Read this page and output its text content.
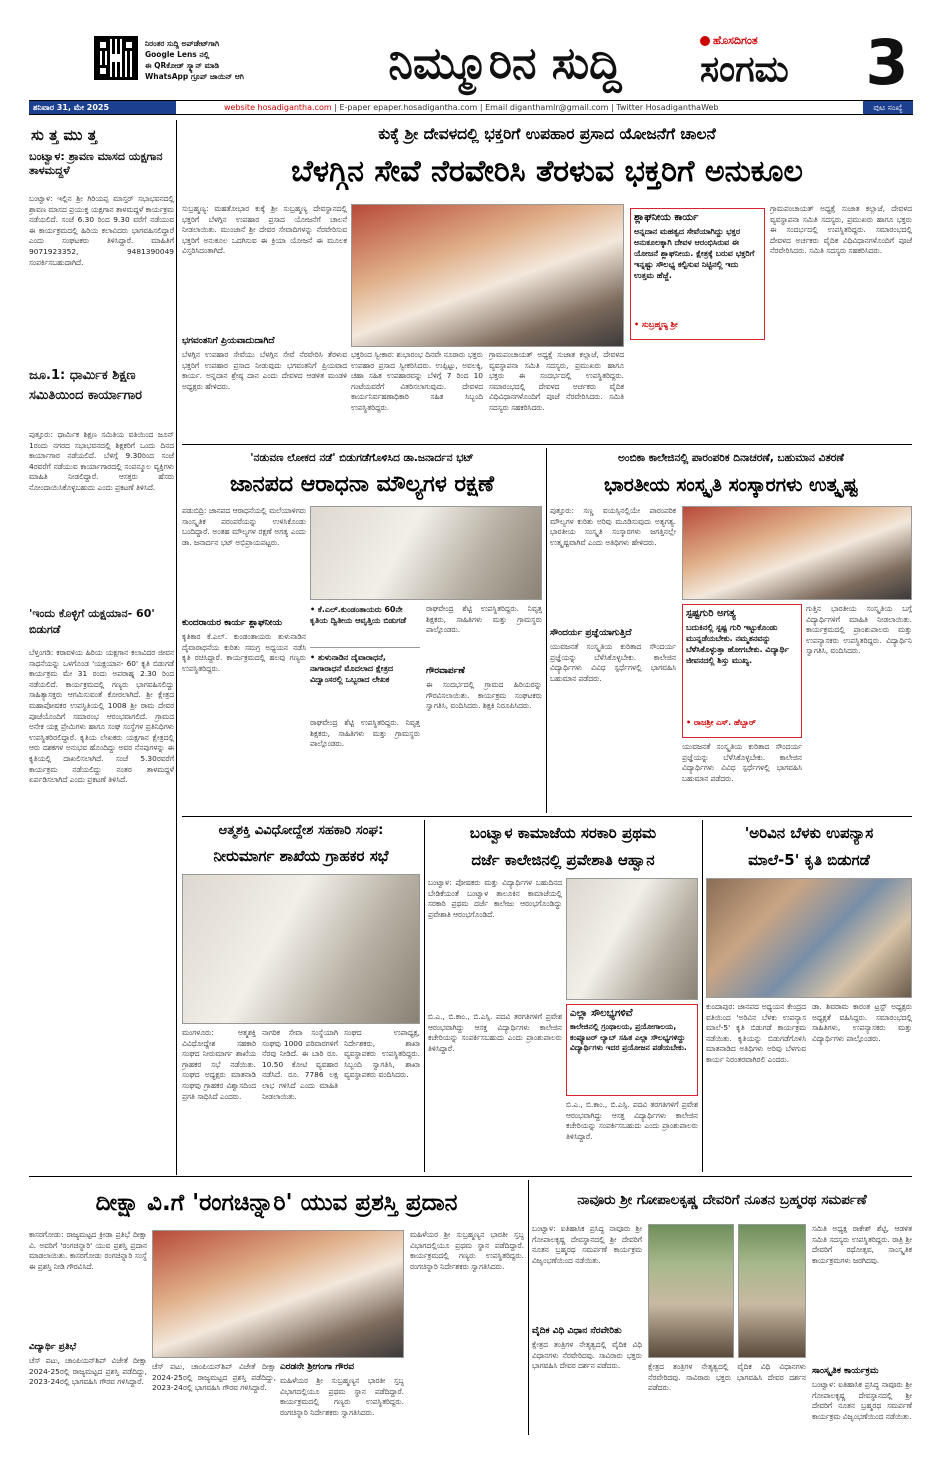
ನಿರಂತರ ಸುದ್ದಿ ಅಪ್‌ಡೇಟ್‌ಗಾಗಿ
Google Lens ನಲ್ಲಿ
ಈ QRಕೋಡ್ ಸ್ಕ್ಯಾನ್ ಮಾಡಿ
WhatsApp ಗ್ರೂಪ್ ಜಾಯಿನ್ ಆಗಿ	ನಿಮ್ಮೂರಿನ ಸುದ್ದಿ	ಹೊಸದಿಗಂತ
ಸಂಗಮ	3
ಶನಿವಾರ 31, ಮೇ 2025	website hosadigantha.com | E-paper epaper.hosadigantha.com | Email diganthamlr@gmail.com | Twitter HosadiganthaWeb	ಪುಟ ಸಂಖ್ಯೆ
ಸು ತ್ತ ಮು ತ್ತ
ಬಂಟ್ವಾಳ: ಶ್ರಾವಣ ಮಾಸದ ಯಕ್ಷಗಾನ ತಾಳಮದ್ದಳೆ
ಬಂಟ್ವಾಳ: ಇಲ್ಲಿನ ಶ್ರೀ ಗಿರಿಯಪ್ಪ ಮಾಸ್ತರ್ ಸಭಾಭವನದಲ್ಲಿ ಶ್ರಾವಣ ಮಾಸದ ಪ್ರಯುಕ್ತ ಯಕ್ಷಗಾನ ತಾಳಮದ್ದಳೆ ಕಾರ್ಯಕ್ರಮ ನಡೆಯಲಿದೆ. ಸಂಜೆ 6.30 ರಿಂದ 9.30 ವರೆಗೆ ನಡೆಯುವ ಈ ಕಾರ್ಯಕ್ರಮದಲ್ಲಿ ಹಿರಿಯ ಕಲಾವಿದರು ಭಾಗವಹಿಸಲಿದ್ದಾರೆ ಎಂದು ಸಂಘಟಕರು ತಿಳಿಸಿದ್ದಾರೆ. ಮಾಹಿತಿಗೆ 9071923352, 9481390049 ಸಂಪರ್ಕಿಸಬಹುದಾಗಿದೆ.
ಜೂ.1: ಧಾರ್ಮಿಕ ಶಿಕ್ಷಣ ಸಮಿತಿಯಿಂದ ಕಾರ್ಯಾಗಾರ
ಪುತ್ತೂರು: ಧಾರ್ಮಿಕ ಶಿಕ್ಷಣ ಸಮಿತಿಯ ವತಿಯಿಂದ ಜೂನ್ 1ರಂದು ನಗರದ ಸಭಾಭವನದಲ್ಲಿ ಶಿಕ್ಷಕರಿಗೆ ಒಂದು ದಿನದ ಕಾರ್ಯಾಗಾರ ನಡೆಯಲಿದೆ. ಬೆಳಿಗ್ಗೆ 9.30ರಿಂದ ಸಂಜೆ 4ರವರೆಗೆ ನಡೆಯುವ ಕಾರ್ಯಾಗಾರದಲ್ಲಿ ಸಂಪನ್ಮೂಲ ವ್ಯಕ್ತಿಗಳು ಮಾಹಿತಿ ನೀಡಲಿದ್ದಾರೆ. ಆಸಕ್ತರು ಹೆಸರು ನೋಂದಾಯಿಸಿಕೊಳ್ಳಬಹುದು ಎಂದು ಪ್ರಕಟಣೆ ತಿಳಿಸಿದೆ.
'ಇಂದು ಕೊಳ್ಳಿಗೆ ಯಕ್ಷಯಾನ- 60' ಬಿಡುಗಡೆ
ಬೆಳ್ತಂಗಡಿ: ಕರಾವಳಿಯ ಹಿರಿಯ ಯಕ್ಷಗಾನ ಕಲಾವಿದರ ಜೀವನ ಸಾಧನೆಯನ್ನು ಒಳಗೊಂಡ 'ಯಕ್ಷಯಾನ- 60' ಕೃತಿ ಬಿಡುಗಡೆ ಕಾರ್ಯಕ್ರಮ ಮೇ 31 ರಂದು ಅಪರಾಹ್ನ 2.30 ರಿಂದ ನಡೆಯಲಿದೆ. ಕಾರ್ಯಕ್ರಮದಲ್ಲಿ ಗಣ್ಯರು ಭಾಗವಹಿಸಲಿದ್ದು ಸಾಹಿತ್ಯಾಸಕ್ತರು ಆಗಮಿಸುವಂತೆ ಕೋರಲಾಗಿದೆ. ಶ್ರೀ ಕ್ಷೇತ್ರದ ಮಹಾಪೋಷಕರ ಉಪಸ್ಥಿತಿಯಲ್ಲಿ 1008 ಶ್ರೀ ರಾಮ ದೇವರ ಪೂಜೆಯೊಂದಿಗೆ ಸಮಾರಂಭ ಆರಂಭವಾಗಲಿದೆ. ಗ್ರಾಮದ ಅನೇಕ ಯಕ್ಷ ಪ್ರೇಮಿಗಳು ಹಾಗೂ ಸಂಘ ಸಂಸ್ಥೆಗಳ ಪ್ರತಿನಿಧಿಗಳು ಉಪಸ್ಥಿತರಿರಲಿದ್ದಾರೆ. ಕೃತಿಯ ಲೇಖಕರು ಯಕ್ಷಗಾನ ಕ್ಷೇತ್ರದಲ್ಲಿ ಆರು ದಶಕಗಳ ಅನುಭವ ಹೊಂದಿದ್ದು ಅವರ ನೆನಪುಗಳನ್ನು ಈ ಕೃತಿಯಲ್ಲಿ ದಾಖಲಿಸಲಾಗಿದೆ. ಸಂಜೆ 5.30ರವರೆಗೆ ಕಾರ್ಯಕ್ರಮ ನಡೆಯಲಿದ್ದು ನಂತರ ತಾಳಮದ್ದಳೆ ಏರ್ಪಡಿಸಲಾಗಿದೆ ಎಂದು ಪ್ರಕಟಣೆ ತಿಳಿಸಿದೆ.
ಕುಕ್ಕೆ ಶ್ರೀ ದೇವಳದಲ್ಲಿ ಭಕ್ತರಿಗೆ ಉಪಹಾರ ಪ್ರಸಾದ ಯೋಜನೆಗೆ ಚಾಲನೆ
ಬೆಳಗ್ಗಿನ ಸೇವೆ ನೆರವೇರಿಸಿ ತೆರಳುವ ಭಕ್ತರಿಗೆ ಅನುಕೂಲ
ಸುಬ್ರಹ್ಮಣ್ಯ: ಮಹತೋಭಾರ ಕುಕ್ಕೆ ಶ್ರೀ ಸುಬ್ರಹ್ಮಣ್ಯ ದೇವಸ್ಥಾನದಲ್ಲಿ ಭಕ್ತರಿಗೆ ಬೆಳಗ್ಗಿನ ಉಪಹಾರ ಪ್ರಸಾದ ಯೋಜನೆಗೆ ಚಾಲನೆ ನೀಡಲಾಯಿತು. ಮುಂಜಾನೆ ಶ್ರೀ ದೇವರ ಸೇವಾದಿಗಳನ್ನು ನೆರವೇರಿಸುವ ಭಕ್ತರಿಗೆ ಅನುಕೂಲ ಒದಗಿಸುವ ಈ ಕ್ರಿಯಾ ಯೋಜನೆ ಈ ಮೂಲಕ ವಿಸ್ತರಿಸಿದಂತಾಗಿದೆ.
ಭಗವಂತನಿಗೆ ಪ್ರಿಯವಾದುದಾಗಿದೆ
ಬೆಳಗ್ಗಿನ ಉಪಹಾರ ಸೇವೆಯು ಬೆಳಗ್ಗಿನ ಸೇವೆ ನೆರವೇರಿಸಿ ತೆರಳುವ ಭಕ್ತರಿಗೆ ಉಪಹಾರ ಪ್ರಸಾದ ನೀಡುವುದು ಭಗವಂತನಿಗೆ ಪ್ರಿಯವಾದ ಕಾರ್ಯ. ಅನ್ನದಾನ ಶ್ರೇಷ್ಠ ದಾನ ಎಂದು ದೇವಳದ ಆಡಳಿತ ಮಂಡಳಿ ಅಧ್ಯಕ್ಷರು ಹೇಳಿದರು.
ಭಕ್ತರಿಂದ ಸ್ವೀಕಾರ: ಶುಭಾರಂಭ ದಿನವೇ ನೂರಾರು ಭಕ್ತರು ಉಪಹಾರ ಪ್ರಸಾದ ಸ್ವೀಕರಿಸಿದರು. ಉಪ್ಪಿಟ್ಟು, ಅವಲಕ್ಕಿ, ಚಹಾ ಸಹಿತ ಉಪಹಾರವನ್ನು ಬೆಳಿಗ್ಗೆ 7 ರಿಂದ 10 ಗಂಟೆಯವರೆಗೆ ವಿತರಿಸಲಾಗುವುದು. ದೇವಳದ ಕಾರ್ಯನಿರ್ವಹಣಾಧಿಕಾರಿ ಸಹಿತ ಸಿಬ್ಬಂದಿ ಉಪಸ್ಥಿತರಿದ್ದರು.
ಗ್ರಾಮಪಂಚಾಯತ್ ಅಧ್ಯಕ್ಷೆ ಸುಜಾತ ಕಲ್ಲಾಜೆ, ದೇವಳದ ವ್ಯವಸ್ಥಾಪನಾ ಸಮಿತಿ ಸದಸ್ಯರು, ಪ್ರಮುಖರು ಹಾಗೂ ಭಕ್ತರು ಈ ಸಂದರ್ಭದಲ್ಲಿ ಉಪಸ್ಥಿತರಿದ್ದರು. ಸಮಾರಂಭದಲ್ಲಿ ದೇವಳದ ಅರ್ಚಕರು ವೈದಿಕ ವಿಧಿವಿಧಾನಗಳೊಂದಿಗೆ ಪೂಜೆ ನೆರವೇರಿಸಿದರು. ಸಮಿತಿ ಸದಸ್ಯರು ಸಹಕರಿಸಿದರು.
ಶ್ಲಾಘನೀಯ ಕಾರ್ಯ
ಅನ್ನದಾನ ಮಹತ್ವದ ಸೇವೆಯಾಗಿದ್ದು ಭಕ್ತರ ಅನುಕೂಲಕ್ಕಾಗಿ ದೇವಳ ಆರಂಭಿಸಿರುವ ಈ ಯೋಜನೆ ಶ್ಲಾಘನೀಯ. ಕ್ಷೇತ್ರಕ್ಕೆ ಬರುವ ಭಕ್ತರಿಗೆ ಇನ್ನಷ್ಟು ಸೌಲಭ್ಯ ಕಲ್ಪಿಸುವ ನಿಟ್ಟಿನಲ್ಲಿ ಇದು ಉತ್ತಮ ಹೆಜ್ಜೆ.
• ಸುಬ್ರಹ್ಮಣ್ಯ ಶ್ರೀ
ಗ್ರಾಮಪಂಚಾಯತ್ ಅಧ್ಯಕ್ಷೆ ಸುಜಾತ ಕಲ್ಲಾಜೆ, ದೇವಳದ ವ್ಯವಸ್ಥಾಪನಾ ಸಮಿತಿ ಸದಸ್ಯರು, ಪ್ರಮುಖರು ಹಾಗೂ ಭಕ್ತರು ಈ ಸಂದರ್ಭದಲ್ಲಿ ಉಪಸ್ಥಿತರಿದ್ದರು. ಸಮಾರಂಭದಲ್ಲಿ ದೇವಳದ ಅರ್ಚಕರು ವೈದಿಕ ವಿಧಿವಿಧಾನಗಳೊಂದಿಗೆ ಪೂಜೆ ನೆರವೇರಿಸಿದರು. ಸಮಿತಿ ಸದಸ್ಯರು ಸಹಕರಿಸಿದರು.
'ನಡುವಣ ಲೋಕದ ನಡೆ' ಬಿಡುಗಡೆಗೊಳಿಸಿದ ಡಾ.ಜನಾರ್ದನ ಭಟ್
ಜಾನಪದ ಆರಾಧನಾ ಮೌಲ್ಯಗಳ ರಕ್ಷಣೆ
ಪಡುಬಿದ್ರಿ: ಜಾನಪದ ಆರಾಧನೆಯಲ್ಲಿ ಮಲೆಯಾಳಿಗರು ಸಾಂಸ್ಕೃತಿಕ ಪರಂಪರೆಯನ್ನು ಉಳಿಸಿಕೊಂಡು ಬಂದಿದ್ದಾರೆ. ಅಂತಹ ಮೌಲ್ಯಗಳ ರಕ್ಷಣೆ ಅಗತ್ಯ ಎಂದು ಡಾ. ಜನಾರ್ದನ ಭಟ್ ಅಭಿಪ್ರಾಯಪಟ್ಟರು.
ಕುಂದರಾಯರ ಕಾರ್ಯ ಶ್ಲಾಘನೀಯ
ಕೃತಿಕಾರ ಕೆ.ಎಲ್. ಕುಂಡಂತಾಯರು ತುಳುನಾಡಿನ ದೈವಾರಾಧನೆಯ ಕುರಿತು ಸಮಗ್ರ ಅಧ್ಯಯನ ನಡೆಸಿ ಕೃತಿ ರಚಿಸಿದ್ದಾರೆ. ಕಾರ್ಯಕ್ರಮದಲ್ಲಿ ಹಲವು ಗಣ್ಯರು ಉಪಸ್ಥಿತರಿದ್ದರು.
• ಕೆ.ಎಲ್.ಕುಂಡಂತಾಯರು 60ನೇ ಕೃತಿಯ ದ್ವಿತೀಯ ಆವೃತ್ತಿಯ ಬಿಡುಗಡೆ
• ತುಳುನಾಡಿನ ದೈವಾರಾಧನೆ, ನಾಗಾರಾಧನೆ ಮೊದಲಾದ ಕ್ಷೇತ್ರದ ವಿದ್ವಾಂಸರಲ್ಲಿ ಒಬ್ಬರಾದ ಲೇಖಕ
ರಾಘವೇಂದ್ರ ಶೆಟ್ಟಿ ಉಪಸ್ಥಿತರಿದ್ದರು. ನಿವೃತ್ತ ಶಿಕ್ಷಕರು, ಸಾಹಿತಿಗಳು ಮತ್ತು ಗ್ರಾಮಸ್ಥರು ಪಾಲ್ಗೊಂಡರು.
ರಾಘವೇಂದ್ರ ಶೆಟ್ಟಿ ಉಪಸ್ಥಿತರಿದ್ದರು. ನಿವೃತ್ತ ಶಿಕ್ಷಕರು, ಸಾಹಿತಿಗಳು ಮತ್ತು ಗ್ರಾಮಸ್ಥರು ಪಾಲ್ಗೊಂಡರು.
ಗೌರವಾರ್ಪಣೆ
ಈ ಸಂದರ್ಭದಲ್ಲಿ ಗ್ರಾಮದ ಹಿರಿಯರನ್ನು ಗೌರವಿಸಲಾಯಿತು. ಕಾರ್ಯಕ್ರಮ ಸಂಘಟಕರು ಸ್ವಾಗತಿಸಿ, ವಂದಿಸಿದರು. ಶಿಕ್ಷಕಿ ನಿರೂಪಿಸಿದರು.
ಅಂಬಿಕಾ ಕಾಲೇಜಿನಲ್ಲಿ ಪಾರಂಪರಿಕ ದಿನಾಚರಣೆ, ಬಹುಮಾನ ವಿತರಣೆ
ಭಾರತೀಯ ಸಂಸ್ಕೃತಿ ಸಂಸ್ಕಾರಗಳು ಉತ್ಕೃಷ್ಟ
ಪುತ್ತೂರು: ಸಣ್ಣ ವಯಸ್ಸಿನಲ್ಲಿಯೇ ಪಾರಂಪರಿಕ ಮೌಲ್ಯಗಳ ಕುರಿತು ಅರಿವು ಮೂಡಿಸುವುದು ಅತ್ಯಗತ್ಯ. ಭಾರತೀಯ ಸಂಸ್ಕೃತಿ ಸಂಸ್ಕಾರಗಳು ಜಗತ್ತಿನಲ್ಲೇ ಉತ್ಕೃಷ್ಟವಾಗಿವೆ ಎಂದು ಅತಿಥಿಗಳು ಹೇಳಿದರು.
ಸೌಂದರ್ಯ ಪ್ರಜ್ಞೆಯಾಗುತ್ತಿದೆ
ಯುವಜನತೆ ಸಂಸ್ಕೃತಿಯ ಕುರಿತಾದ ಸೌಂದರ್ಯ ಪ್ರಜ್ಞೆಯನ್ನು ಬೆಳೆಸಿಕೊಳ್ಳಬೇಕು. ಕಾಲೇಜಿನ ವಿದ್ಯಾರ್ಥಿಗಳು ವಿವಿಧ ಸ್ಪರ್ಧೆಗಳಲ್ಲಿ ಭಾಗವಹಿಸಿ ಬಹುಮಾನ ಪಡೆದರು.
ಸ್ಪಷ್ಟಗುರಿ ಅಗತ್ಯ
ಬದುಕಿನಲ್ಲಿ ಸ್ಪಷ್ಟ ಗುರಿ ಇಟ್ಟುಕೊಂಡು ಮುನ್ನಡೆಯಬೇಕು. ನಮ್ಮತನವನ್ನು ಬೆಳೆಸಿಕೊಳ್ಳುತ್ತಾ ಹೋಗಬೇಕು. ವಿದ್ಯಾರ್ಥಿ ಜೀವನದಲ್ಲಿ ಶಿಸ್ತು ಮುಖ್ಯ.
• ರಾಜಶ್ರೀ ಎಸ್. ಹೆಬ್ಬಾರ್
ಯುವಜನತೆ ಸಂಸ್ಕೃತಿಯ ಕುರಿತಾದ ಸೌಂದರ್ಯ ಪ್ರಜ್ಞೆಯನ್ನು ಬೆಳೆಸಿಕೊಳ್ಳಬೇಕು. ಕಾಲೇಜಿನ ವಿದ್ಯಾರ್ಥಿಗಳು ವಿವಿಧ ಸ್ಪರ್ಧೆಗಳಲ್ಲಿ ಭಾಗವಹಿಸಿ ಬಹುಮಾನ ಪಡೆದರು.
ಗುತ್ತಿನ ಭಾರತೀಯ ಸಂಸ್ಕೃತಿಯ ಬಗ್ಗೆ ವಿದ್ಯಾರ್ಥಿಗಳಿಗೆ ಮಾಹಿತಿ ನೀಡಲಾಯಿತು. ಕಾರ್ಯಕ್ರಮದಲ್ಲಿ ಪ್ರಾಂಶುಪಾಲರು ಮತ್ತು ಉಪನ್ಯಾಸಕರು ಉಪಸ್ಥಿತರಿದ್ದರು. ವಿದ್ಯಾರ್ಥಿನಿ ಸ್ವಾಗತಿಸಿ, ವಂದಿಸಿದರು.
ಆತ್ಮಶಕ್ತಿ ವಿವಿಧೋದ್ದೇಶ ಸಹಕಾರಿ ಸಂಘ:
ನೀರುಮಾರ್ಗ ಶಾಖೆಯ ಗ್ರಾಹಕರ ಸಭೆ
ಮಂಗಳೂರು: ಆತ್ಮಶಕ್ತಿ ವಿವಿಧೋದ್ದೇಶ ಸಹಕಾರಿ ಸಂಘದ ನೀರುಮಾರ್ಗ ಶಾಖೆಯ ಗ್ರಾಹಕರ ಸಭೆ ನಡೆಯಿತು. ಸಂಘದ ಅಧ್ಯಕ್ಷರು ಮಾತನಾಡಿ ಸಂಘವು ಗ್ರಾಹಕರ ವಿಶ್ವಾಸದಿಂದ ಪ್ರಗತಿ ಸಾಧಿಸಿದೆ ಎಂದರು.
ನಾಗರಿಕ ಸೇವಾ ಸಂಸ್ಥೆಯಾಗಿ ಸಂಘವು 1000 ಪರಿವಾರಗಳಿಗೆ ನೆರವು ನೀಡಿದೆ. ಈ ಬಾರಿ ರೂ. 10.50 ಕೋಟಿ ವ್ಯವಹಾರ ನಡೆಸಿದೆ. ರೂ. 7786 ಲಕ್ಷ ಲಾಭ ಗಳಿಸಿದೆ ಎಂದು ಮಾಹಿತಿ ನೀಡಲಾಯಿತು.
ಸಂಘದ ಉಪಾಧ್ಯಕ್ಷ, ನಿರ್ದೇಶಕರು, ಶಾಖಾ ವ್ಯವಸ್ಥಾಪಕರು ಉಪಸ್ಥಿತರಿದ್ದರು. ಸಿಬ್ಬಂದಿ ಸ್ವಾಗತಿಸಿ, ಶಾಖಾ ವ್ಯವಸ್ಥಾಪಕರು ವಂದಿಸಿದರು.
ಬಂಟ್ವಾಳ ಕಾಮಾಜೆಯ ಸರಕಾರಿ ಪ್ರಥಮ
ದರ್ಜೆ ಕಾಲೇಜಿನಲ್ಲಿ ಪ್ರವೇಶಾತಿ ಆಹ್ವಾನ
ಬಂಟ್ವಾಳ: ಪೋಷಕರು ಮತ್ತು ವಿದ್ಯಾರ್ಥಿಗಳ ಬಹುದಿನದ ಬೇಡಿಕೆಯಂತೆ ಬಂಟ್ವಾಳ ತಾಲೂಕಿನ ಕಾಮಾಜೆಯಲ್ಲಿ ಸರಕಾರಿ ಪ್ರಥಮ ದರ್ಜೆ ಕಾಲೇಜು ಆರಂಭಗೊಂಡಿದ್ದು ಪ್ರವೇಶಾತಿ ಆರಂಭಗೊಂಡಿದೆ.
ಎಲ್ಲಾ ಸೌಲಭ್ಯಗಳಿವೆ
ಕಾಲೇಜಿನಲ್ಲಿ ಗ್ರಂಥಾಲಯ, ಪ್ರಯೋಗಾಲಯ, ಕಂಪ್ಯೂಟರ್ ಲ್ಯಾಬ್ ಸಹಿತ ಎಲ್ಲಾ ಸೌಲಭ್ಯಗಳಿದ್ದು ವಿದ್ಯಾರ್ಥಿಗಳು ಇದರ ಪ್ರಯೋಜನ ಪಡೆಯಬೇಕು.
ಬಿ.ಎ., ಬಿ.ಕಾಂ., ಬಿ.ಎಸ್ಸಿ. ಪದವಿ ತರಗತಿಗಳಿಗೆ ಪ್ರವೇಶ ಆರಂಭವಾಗಿದ್ದು ಆಸಕ್ತ ವಿದ್ಯಾರ್ಥಿಗಳು ಕಾಲೇಜಿನ ಕಚೇರಿಯನ್ನು ಸಂಪರ್ಕಿಸಬಹುದು ಎಂದು ಪ್ರಾಂಶುಪಾಲರು ತಿಳಿಸಿದ್ದಾರೆ.
ಬಿ.ಎ., ಬಿ.ಕಾಂ., ಬಿ.ಎಸ್ಸಿ. ಪದವಿ ತರಗತಿಗಳಿಗೆ ಪ್ರವೇಶ ಆರಂಭವಾಗಿದ್ದು ಆಸಕ್ತ ವಿದ್ಯಾರ್ಥಿಗಳು ಕಾಲೇಜಿನ ಕಚೇರಿಯನ್ನು ಸಂಪರ್ಕಿಸಬಹುದು ಎಂದು ಪ್ರಾಂಶುಪಾಲರು ತಿಳಿಸಿದ್ದಾರೆ.
'ಅರಿವಿನ ಬೆಳಕು ಉಪನ್ಯಾಸ
ಮಾಲೆ-5' ಕೃತಿ ಬಿಡುಗಡೆ
ಕುಂದಾಪುರ: ಜಾನಪದ ಅಧ್ಯಯನ ಕೇಂದ್ರದ ವತಿಯಿಂದ 'ಅರಿವಿನ ಬೆಳಕು ಉಪನ್ಯಾಸ ಮಾಲೆ-5' ಕೃತಿ ಬಿಡುಗಡೆ ಕಾರ್ಯಕ್ರಮ ನಡೆಯಿತು. ಕೃತಿಯನ್ನು ಬಿಡುಗಡೆಗೊಳಿಸಿ ಮಾತನಾಡಿದ ಅತಿಥಿಗಳು ಅರಿವು ಬೆಳಗುವ ಕಾರ್ಯ ನಿರಂತರವಾಗಿರಲಿ ಎಂದರು.
ಡಾ. ಶಿವರಾಮ ಕಾರಂತ ಟ್ರಸ್ಟ್ ಅಧ್ಯಕ್ಷರು ಅಧ್ಯಕ್ಷತೆ ವಹಿಸಿದ್ದರು. ಸಮಾರಂಭದಲ್ಲಿ ಸಾಹಿತಿಗಳು, ಉಪನ್ಯಾಸಕರು ಮತ್ತು ವಿದ್ಯಾರ್ಥಿಗಳು ಪಾಲ್ಗೊಂಡರು.
ದೀಕ್ಷಾ ವಿ.ಗೆ 'ರಂಗಚಿನ್ನಾರಿ' ಯುವ ಪ್ರಶಸ್ತಿ ಪ್ರದಾನ
ಕಾಸರಗೋಡು: ರಾಜ್ಯಮಟ್ಟದ ಕ್ರೀಡಾ ಪ್ರತಿಭೆ ದೀಕ್ಷಾ ವಿ. ಅವರಿಗೆ 'ರಂಗಚಿನ್ನಾರಿ' ಯುವ ಪ್ರಶಸ್ತಿ ಪ್ರದಾನ ಮಾಡಲಾಯಿತು. ಕಾಸರಗೋಡು ರಂಗಚಿನ್ನಾರಿ ಸಂಸ್ಥೆ ಈ ಪ್ರಶಸ್ತಿ ನೀಡಿ ಗೌರವಿಸಿದೆ.
ವಿದ್ಯಾರ್ಥಿ ಪ್ರತಿಭೆ
ಚೆಸ್ ಪಟು, ಚಾಂಪಿಯನ್‌ಶಿಪ್ ವಿಜೇತೆ ದೀಕ್ಷಾ 2024-25ರಲ್ಲಿ ರಾಜ್ಯಮಟ್ಟದ ಪ್ರಶಸ್ತಿ ಪಡೆದಿದ್ದು, 2023-24ರಲ್ಲಿ ಭಾಗವಹಿಸಿ ಗೌರವ ಗಳಿಸಿದ್ದಾರೆ.
ಚೆಸ್ ಪಟು, ಚಾಂಪಿಯನ್‌ಶಿಪ್ ವಿಜೇತೆ ದೀಕ್ಷಾ 2024-25ರಲ್ಲಿ ರಾಜ್ಯಮಟ್ಟದ ಪ್ರಶಸ್ತಿ ಪಡೆದಿದ್ದು, 2023-24ರಲ್ಲಿ ಭಾಗವಹಿಸಿ ಗೌರವ ಗಳಿಸಿದ್ದಾರೆ.
ಎರಡನೇ ಶ್ರೀಗಂಗಾ ಗೌರವ
ಮಹಿಳೆಯರ ಶ್ರೀ ಸುಬ್ರಹ್ಮಣ್ಯನ ಭಾರತೀ ಸ್ತಬ್ಧ ವಿಭಾಗದಲ್ಲಿಯೂ ಪ್ರಥಮ ಸ್ಥಾನ ಪಡೆದಿದ್ದಾರೆ. ಕಾರ್ಯಕ್ರಮದಲ್ಲಿ ಗಣ್ಯರು ಉಪಸ್ಥಿತರಿದ್ದರು. ರಂಗಚಿನ್ನಾರಿ ನಿರ್ದೇಶಕರು ಸ್ವಾಗತಿಸಿದರು.
ಮಹಿಳೆಯರ ಶ್ರೀ ಸುಬ್ರಹ್ಮಣ್ಯನ ಭಾರತೀ ಸ್ತಬ್ಧ ವಿಭಾಗದಲ್ಲಿಯೂ ಪ್ರಥಮ ಸ್ಥಾನ ಪಡೆದಿದ್ದಾರೆ. ಕಾರ್ಯಕ್ರಮದಲ್ಲಿ ಗಣ್ಯರು ಉಪಸ್ಥಿತರಿದ್ದರು. ರಂಗಚಿನ್ನಾರಿ ನಿರ್ದೇಶಕರು ಸ್ವಾಗತಿಸಿದರು.
ನಾವೂರು ಶ್ರೀ ಗೋಪಾಲಕೃಷ್ಣ ದೇವರಿಗೆ ನೂತನ ಬ್ರಹ್ಮರಥ ಸಮರ್ಪಣೆ
ಬಂಟ್ವಾಳ: ಐತಿಹಾಸಿಕ ಪ್ರಸಿದ್ಧ ನಾವೂರು ಶ್ರೀ ಗೋಪಾಲಕೃಷ್ಣ ದೇವಸ್ಥಾನದಲ್ಲಿ ಶ್ರೀ ದೇವರಿಗೆ ನೂತನ ಬ್ರಹ್ಮರಥ ಸಮರ್ಪಣೆ ಕಾರ್ಯಕ್ರಮ ವಿಜೃಂಭಣೆಯಿಂದ ನಡೆಯಿತು.
ವೈದಿಕ ವಿಧಿ ವಿಧಾನ ನೆರವೇರಿತು
ಕ್ಷೇತ್ರದ ತಂತ್ರಿಗಳ ನೇತೃತ್ವದಲ್ಲಿ ವೈದಿಕ ವಿಧಿ ವಿಧಾನಗಳು ನೆರವೇರಿದವು. ಸಾವಿರಾರು ಭಕ್ತರು ಭಾಗವಹಿಸಿ ದೇವರ ದರ್ಶನ ಪಡೆದರು.	ಕ್ಷೇತ್ರದ ತಂತ್ರಿಗಳ ನೇತೃತ್ವದಲ್ಲಿ ವೈದಿಕ ವಿಧಿ ವಿಧಾನಗಳು ನೆರವೇರಿದವು. ಸಾವಿರಾರು ಭಕ್ತರು ಭಾಗವಹಿಸಿ ದೇವರ ದರ್ಶನ ಪಡೆದರು.
ಸಮಿತಿ ಅಧ್ಯಕ್ಷ ರಾಕೇಶ್ ಶೆಟ್ಟಿ, ಆಡಳಿತ ಸಮಿತಿ ಸದಸ್ಯರು ಉಪಸ್ಥಿತರಿದ್ದರು. ರಾತ್ರಿ ಶ್ರೀ ದೇವರಿಗೆ ರಥೋತ್ಸವ, ಸಾಂಸ್ಕೃತಿಕ ಕಾರ್ಯಕ್ರಮಗಳು ಜರಗಿದವು.
ಸಾಂಸ್ಕೃತಿಕ ಕಾರ್ಯಕ್ರಮ
ಬಂಟ್ವಾಳ: ಐತಿಹಾಸಿಕ ಪ್ರಸಿದ್ಧ ನಾವೂರು ಶ್ರೀ ಗೋಪಾಲಕೃಷ್ಣ ದೇವಸ್ಥಾನದಲ್ಲಿ ಶ್ರೀ ದೇವರಿಗೆ ನೂತನ ಬ್ರಹ್ಮರಥ ಸಮರ್ಪಣೆ ಕಾರ್ಯಕ್ರಮ ವಿಜೃಂಭಣೆಯಿಂದ ನಡೆಯಿತು.
